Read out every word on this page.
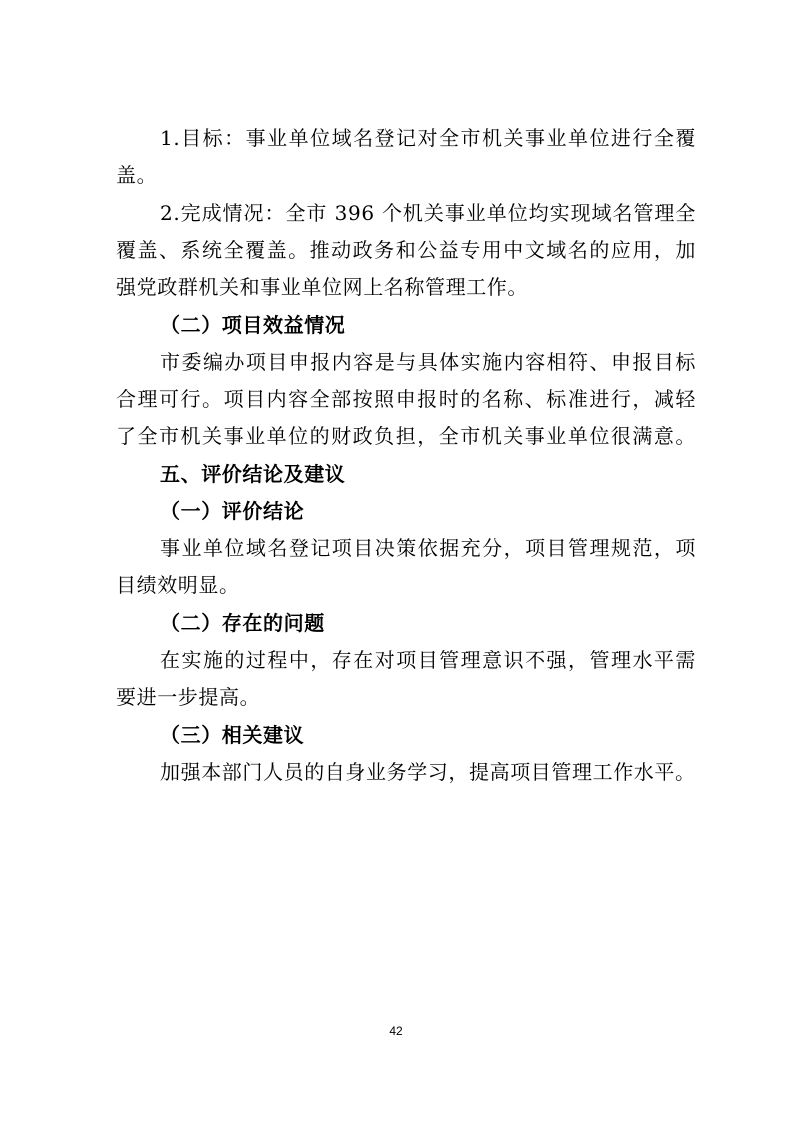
1.目标：事业单位域名登记对全市机关事业单位进行全覆
盖。
2.完成情况：全市 396 个机关事业单位均实现域名管理全
覆盖、系统全覆盖。推动政务和公益专用中文域名的应用，加
强党政群机关和事业单位网上名称管理工作。
（二）项目效益情况
市委编办项目申报内容是与具体实施内容相符、申报目标
合理可行。项目内容全部按照申报时的名称、标准进行，减轻
了全市机关事业单位的财政负担，全市机关事业单位很满意。
五、评价结论及建议
（一）评价结论
事业单位域名登记项目决策依据充分，项目管理规范，项
目绩效明显。
（二）存在的问题
在实施的过程中，存在对项目管理意识不强，管理水平需
要进一步提高。
（三）相关建议
加强本部门人员的自身业务学习，提高项目管理工作水平。
42
